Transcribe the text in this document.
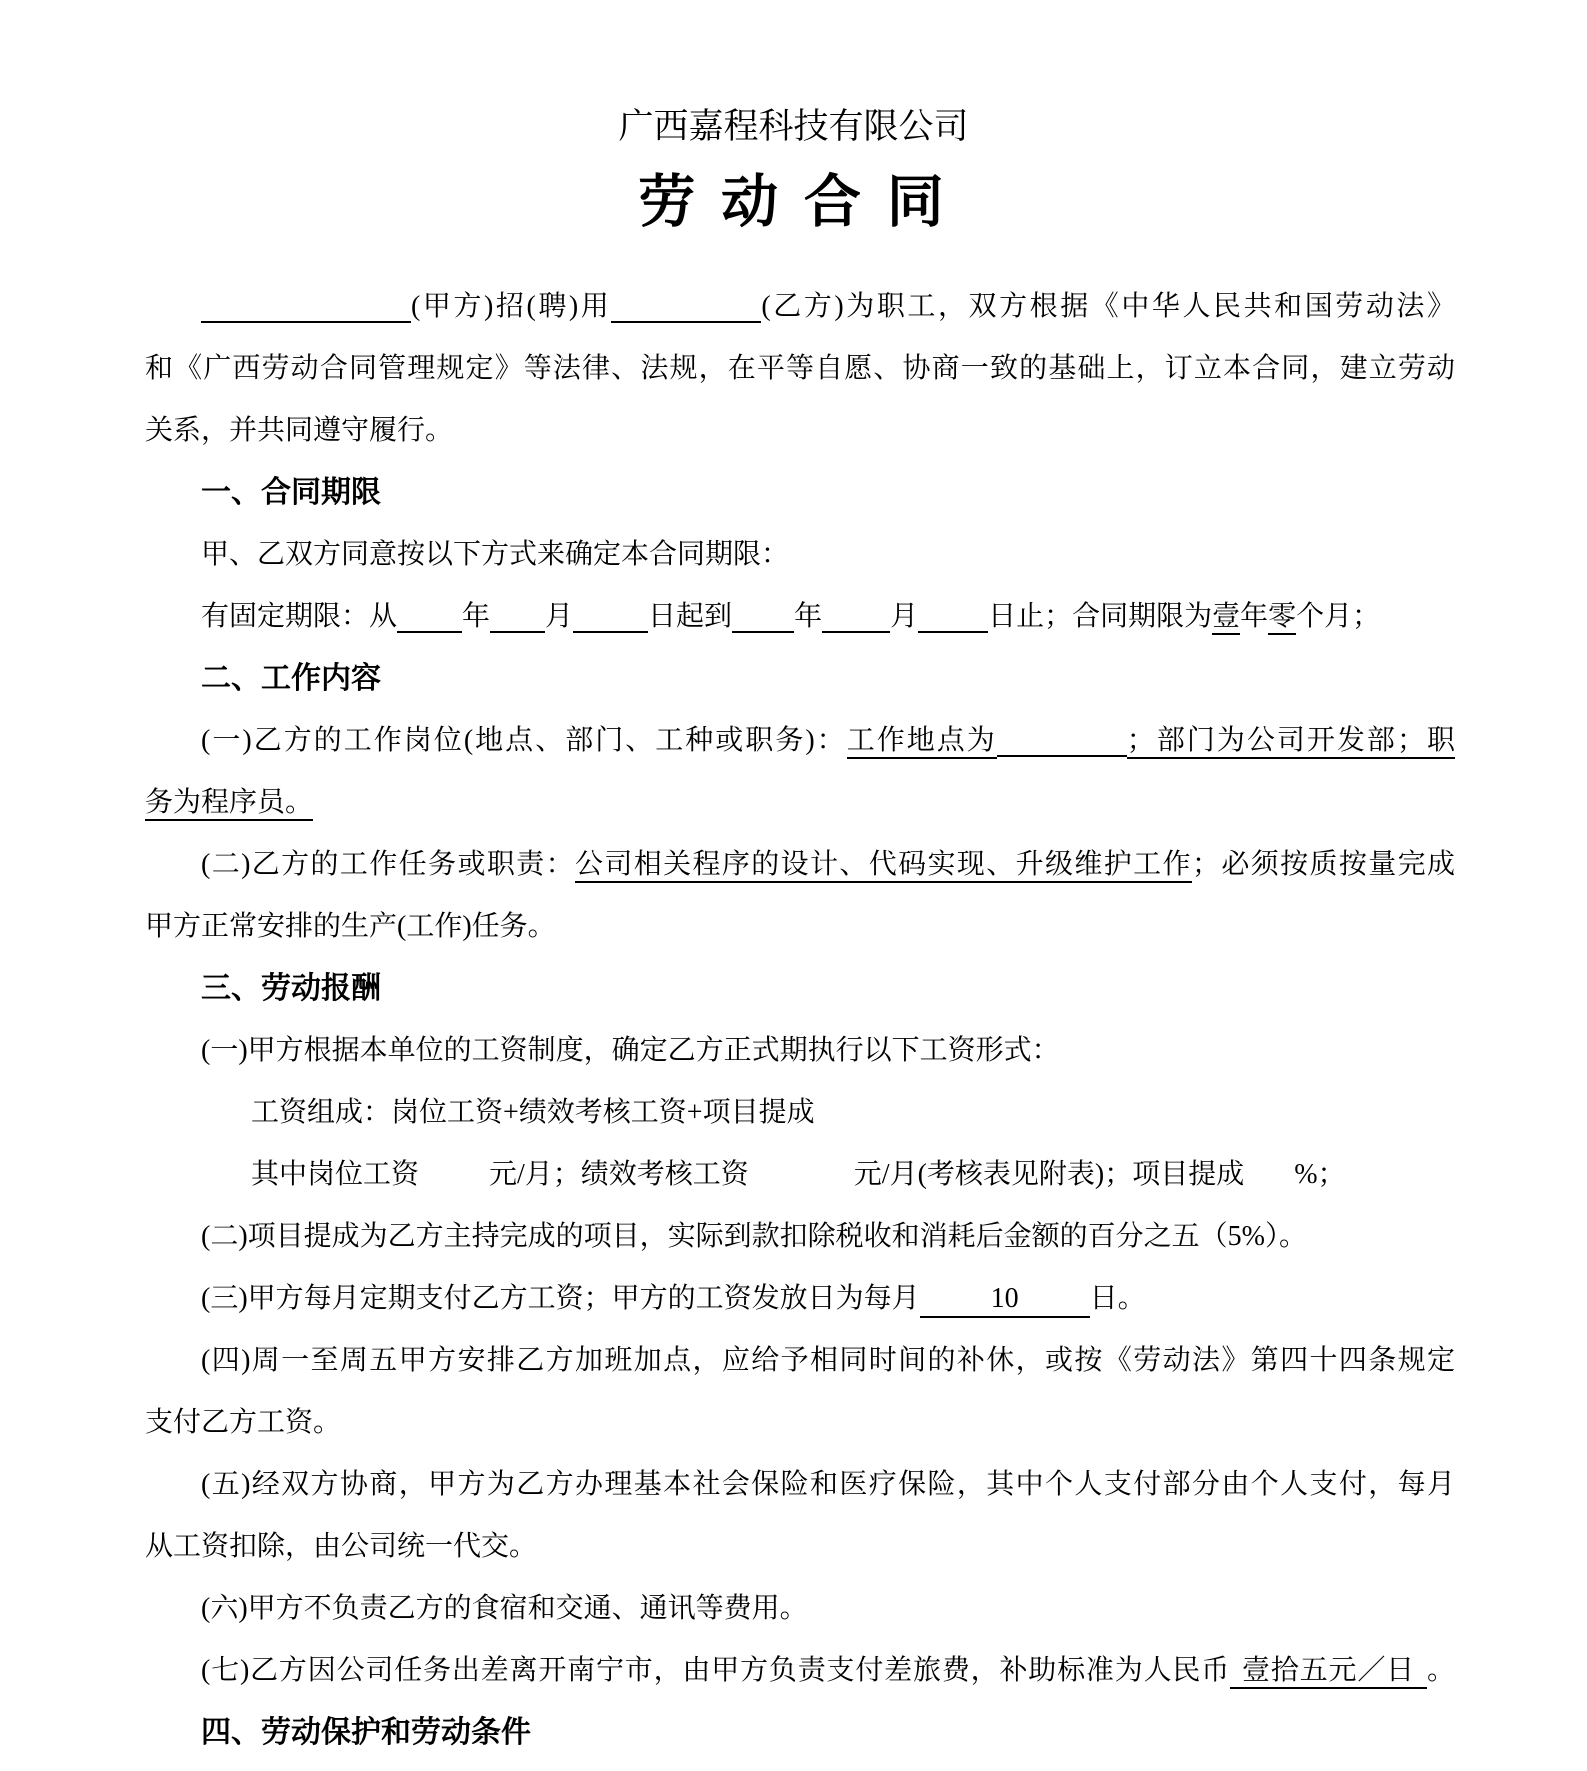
广西嘉程科技有限公司
劳 动 合 同
(甲方)招(聘)用	(乙方)为职工，双方根据《中华人民共和国劳动法》
和《广西劳动合同管理规定》等法律、法规，在平等自愿、协商一致的基础上，订立本合同，建立劳动
关系，并共同遵守履行。
一、合同期限
甲、乙双方同意按以下方式来确定本合同期限：
有固定期限：从 年 月	日起到 年 月	日止；合同期限为壹年零个月；
二、工作内容
(一)乙方的工作岗位(地点、部门、工种或职务)：工作地点为	；部门为公司开发部；职
务为程序员。
(二)乙方的工作任务或职责：公司相关程序的设计、代码实现、升级维护工作；必须按质按量完成
甲方正常安排的生产(工作)任务。
三、劳动报酬
(一)甲方根据本单位的工资制度，确定乙方正式期执行以下工资形式：
工资组成：岗位工资+绩效考核工资+项目提成
其中岗位工资	元/月；绩效考核工资	元/月(考核表见附表)；项目提成 %；
(二)项目提成为乙方主持完成的项目，实际到款扣除税收和消耗后金额的百分之五（5%）。
(三)甲方每月定期支付乙方工资；甲方的工资发放日为每月	10	日。
(四)周一至周五甲方安排乙方加班加点，应给予相同时间的补休，或按《劳动法》第四十四条规定
支付乙方工资。
(五)经双方协商，甲方为乙方办理基本社会保险和医疗保险，其中个人支付部分由个人支付，每月
从工资扣除，由公司统一代交。
(六)甲方不负责乙方的食宿和交通、通讯等费用。
(七)乙方因公司任务出差离开南宁市，由甲方负责支付差旅费，补助标准为人民币 壹拾五元／日 。
四、劳动保护和劳动条件
